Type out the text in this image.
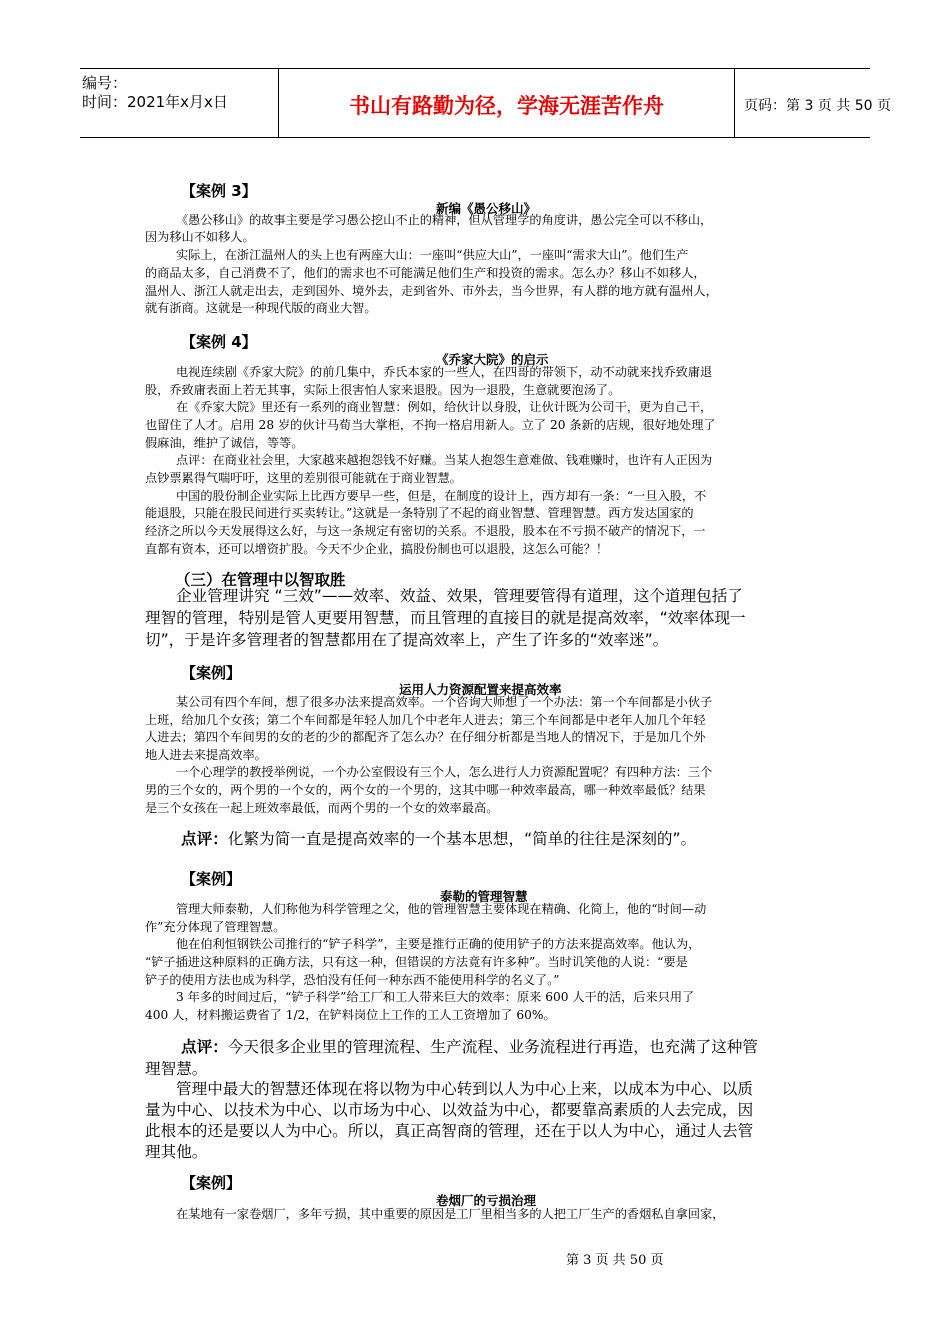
编号：
时间：2021年x月x日	书山有路勤为径，学海无涯苦作舟	页码：第 3 页 共 50 页
【案例 3】
新编《愚公移山》
《愚公移山》的故事主要是学习愚公挖山不止的精神，但从管理学的角度讲，愚公完全可以不移山，
因为移山不如移人。
实际上，在浙江温州人的头上也有两座大山：一座叫“供应大山”，一座叫“需求大山”。他们生产
的商品太多，自己消费不了，他们的需求也不可能满足他们生产和投资的需求。怎么办？移山不如移人，
温州人、浙江人就走出去，走到国外、境外去，走到省外、市外去，当今世界，有人群的地方就有温州人，
就有浙商。这就是一种现代版的商业大智。
【案例 4】
《乔家大院》的启示
电视连续剧《乔家大院》的前几集中，乔氏本家的一些人，在四哥的带领下，动不动就来找乔致庸退
股，乔致庸表面上若无其事，实际上很害怕人家来退股。因为一退股，生意就要泡汤了。
在《乔家大院》里还有一系列的商业智慧：例如，给伙计以身股，让伙计既为公司干，更为自己干，
也留住了人才。启用 28 岁的伙计马荀当大掌柜，不拘一格启用新人。立了 20 条新的店规，很好地处理了
假麻油，维护了诚信，等等。
点评：在商业社会里，大家越来越抱怨钱不好赚。当某人抱怨生意难做、钱难赚时，也许有人正因为
点钞票累得气喘吁吁，这里的差别很可能就在于商业智慧。
中国的股份制企业实际上比西方要早一些，但是，在制度的设计上，西方却有一条：“一旦入股，不
能退股，只能在股民间进行买卖转让。”这就是一条特别了不起的商业智慧、管理智慧。西方发达国家的
经济之所以今天发展得这么好，与这一条规定有密切的关系。不退股，股本在不亏损不破产的情况下，一
直都有资本，还可以增资扩股。今天不少企业，搞股份制也可以退股，这怎么可能？！
（三）在管理中以智取胜
企业管理讲究 “三效”——效率、效益、效果，管理要管得有道理，这个道理包括了
理智的管理，特别是管人更要用智慧，而且管理的直接目的就是提高效率，“效率体现一
切”，于是许多管理者的智慧都用在了提高效率上，产生了许多的“效率迷”。
【案例】
运用人力资源配置来提高效率
某公司有四个车间，想了很多办法来提高效率。一个咨询大师想了一个办法：第一个车间都是小伙子
上班，给加几个女孩；第二个车间都是年轻人加几个中老年人进去；第三个车间都是中老年人加几个年轻
人进去；第四个车间男的女的老的少的都配齐了怎么办？在仔细分析都是当地人的情况下，于是加几个外
地人进去来提高效率。
一个心理学的教授举例说，一个办公室假设有三个人，怎么进行人力资源配置呢？有四种方法：三个
男的三个女的，两个男的一个女的，两个女的一个男的，这其中哪一种效率最高，哪一种效率最低？结果
是三个女孩在一起上班效率最低，而两个男的一个女的效率最高。
点评：化繁为简一直是提高效率的一个基本思想，“简单的往往是深刻的”。
【案例】
泰勒的管理智慧
管理大师泰勒，人们称他为科学管理之父，他的管理智慧主要体现在精确、化简上，他的“时间—动
作”充分体现了管理智慧。
他在伯利恒钢铁公司推行的“铲子科学”，主要是推行正确的使用铲子的方法来提高效率。他认为，
“铲子插进这种原料的正确方法，只有这一种，但错误的方法竟有许多种”。当时讥笑他的人说：“要是
铲子的使用方法也成为科学，恐怕没有任何一种东西不能使用科学的名义了。”
3 年多的时间过后，“铲子科学”给工厂和工人带来巨大的效率：原来 600 人干的活，后来只用了
400 人，材料搬运费省了 1/2，在铲料岗位上工作的工人工资增加了 60%。
点评：今天很多企业里的管理流程、生产流程、业务流程进行再造，也充满了这种管
理智慧。
管理中最大的智慧还体现在将以物为中心转到以人为中心上来，以成本为中心、以质
量为中心、以技术为中心、以市场为中心、以效益为中心，都要靠高素质的人去完成，因
此根本的还是要以人为中心。所以，真正高智商的管理，还在于以人为中心，通过人去管
理其他。
【案例】
卷烟厂的亏损治理
在某地有一家卷烟厂，多年亏损，其中重要的原因是工厂里相当多的人把工厂生产的香烟私自拿回家，
第 3 页 共 50 页
